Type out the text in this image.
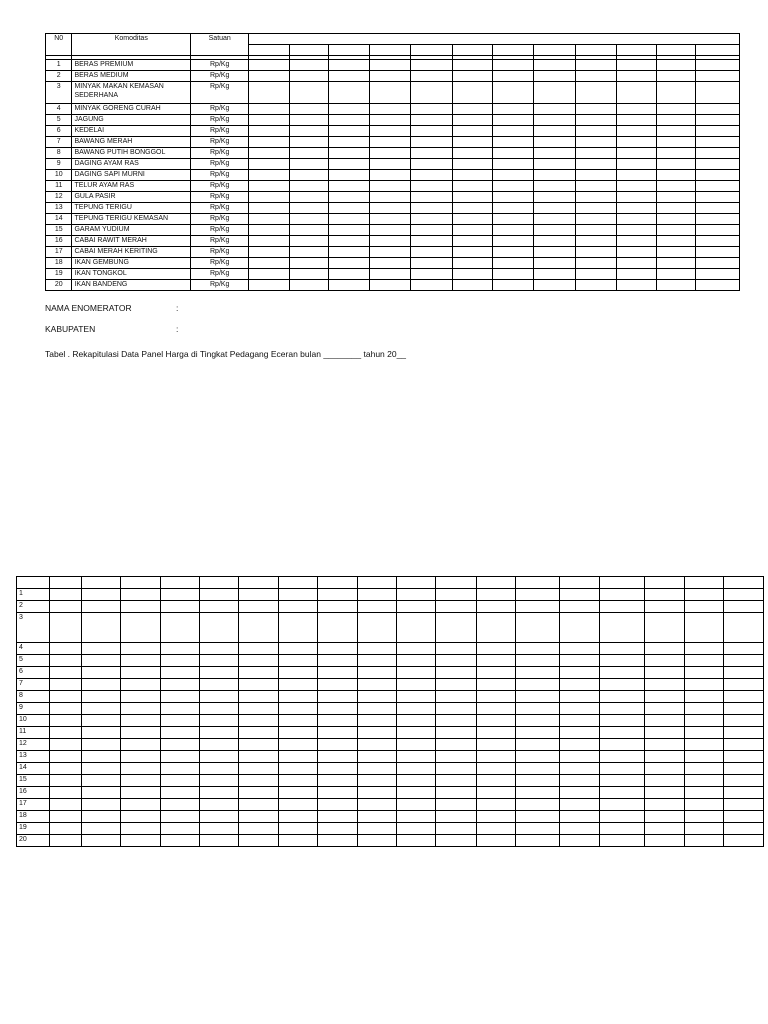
N0	Komoditas	Satuan												

1	BERAS PREMIUM	Rp/Kg												
2	BERAS MEDIUM	Rp/Kg												
3	MINYAK MAKAN KEMASAN SEDERHANA	Rp/Kg												
4	MINYAK GORENG CURAH	Rp/Kg												
5	JAGUNG	Rp/Kg												
6	KEDELAI	Rp/Kg												
7	BAWANG MERAH	Rp/Kg												
8	BAWANG PUTIH BONGGOL	Rp/Kg												
9	DAGING AYAM RAS	Rp/Kg												
10	DAGING SAPI MURNI	Rp/Kg												
11	TELUR AYAM RAS	Rp/Kg												
12	GULA PASIR	Rp/Kg												
13	TEPUNG TERIGU	Rp/Kg												
14	TEPUNG TERIGU KEMASAN	Rp/Kg												
15	GARAM YUDIUM	Rp/Kg												
16	CABAI RAWIT MERAH	Rp/Kg												
17	CABAI MERAH KERITING	Rp/Kg												
18	IKAN GEMBUNG	Rp/Kg												
19	IKAN TONGKOL	Rp/Kg												
20	IKAN BANDENG	Rp/Kg												
NAMA ENOMERATOR	:
KABUPATEN	:
Tabel . Rekapitulasi Data Panel Harga di Tingkat Pedagang Eceran bulan ________ tahun 20__

1																		
2																		
3																		
4																		
5																		
6																		
7																		
8																		
9																		
10																		
11																		
12																		
13																		
14																		
15																		
16																		
17																		
18																		
19																		
20																		
